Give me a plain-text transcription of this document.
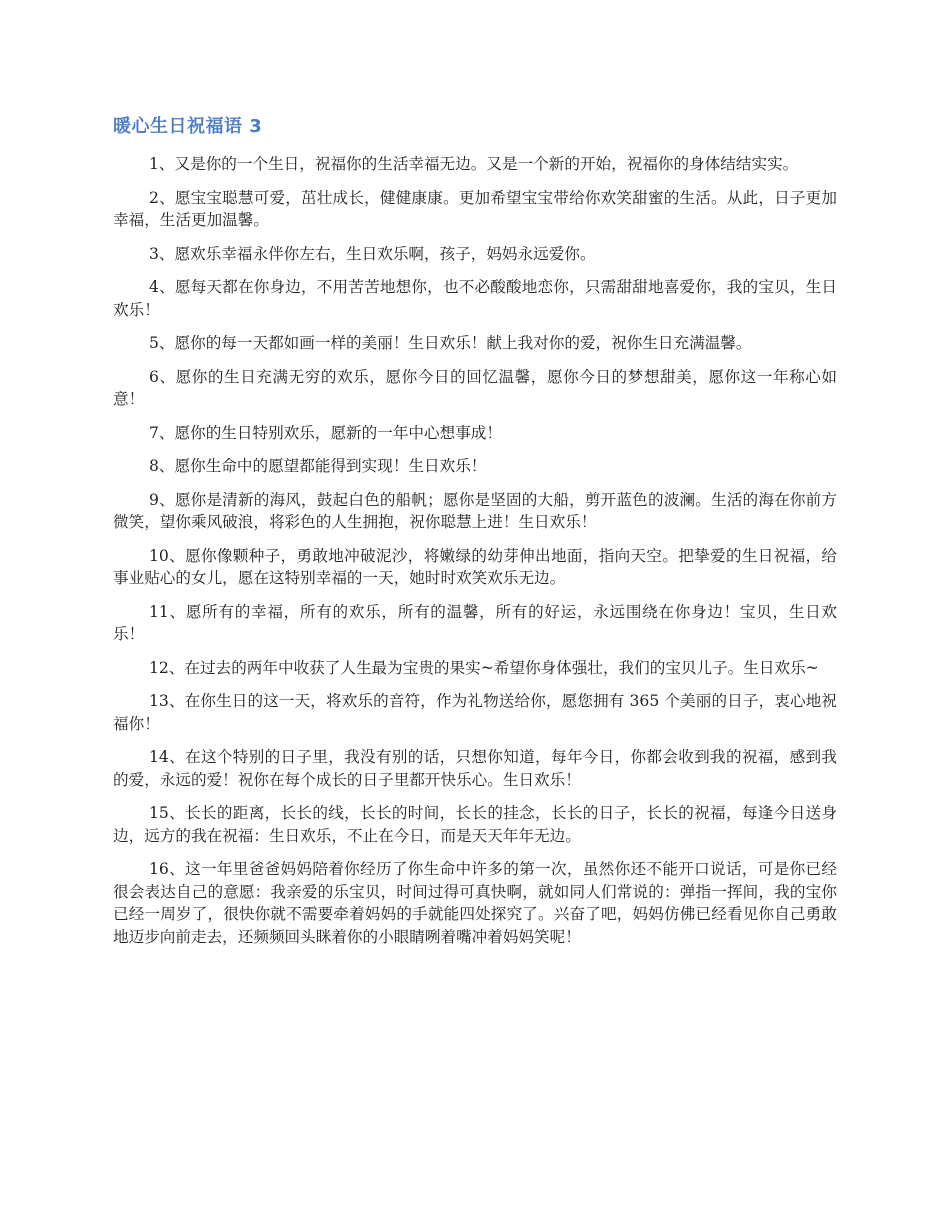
暖心生日祝福语 3

1、又是你的一个生日，祝福你的生活幸福无边。又是一个新的开始，祝福你的身体结结实实。

2、愿宝宝聪慧可爱，茁壮成长，健健康康。更加希望宝宝带给你欢笑甜蜜的生活。从此，日子更加幸福，生活更加温馨。

3、愿欢乐幸福永伴你左右，生日欢乐啊，孩子，妈妈永远爱你。

4、愿每天都在你身边，不用苦苦地想你，也不必酸酸地恋你，只需甜甜地喜爱你，我的宝贝，生日欢乐！

5、愿你的每一天都如画一样的美丽！生日欢乐！献上我对你的爱，祝你生日充满温馨。

6、愿你的生日充满无穷的欢乐，愿你今日的回忆温馨，愿你今日的梦想甜美，愿你这一年称心如意！

7、愿你的生日特别欢乐，愿新的一年中心想事成！

8、愿你生命中的愿望都能得到实现！生日欢乐！

9、愿你是清新的海风，鼓起白色的船帆；愿你是坚固的大船，剪开蓝色的波澜。生活的海在你前方微笑，望你乘风破浪，将彩色的人生拥抱，祝你聪慧上进！生日欢乐！

10、愿你像颗种子，勇敢地冲破泥沙，将嫩绿的幼芽伸出地面，指向天空。把挚爱的生日祝福，给事业贴心的女儿，愿在这特别幸福的一天，她时时欢笑欢乐无边。

11、愿所有的幸福，所有的欢乐，所有的温馨，所有的好运，永远围绕在你身边！宝贝，生日欢乐！

12、在过去的两年中收获了人生最为宝贵的果实~希望你身体强壮，我们的宝贝儿子。生日欢乐~

13、在你生日的这一天，将欢乐的音符，作为礼物送给你，愿您拥有 365 个美丽的日子，衷心地祝福你！

14、在这个特别的日子里，我没有别的话，只想你知道，每年今日，你都会收到我的祝福，感到我的爱，永远的爱！祝你在每个成长的日子里都开快乐心。生日欢乐！

15、长长的距离，长长的线，长长的时间，长长的挂念，长长的日子，长长的祝福，每逢今日送身边，远方的我在祝福：生日欢乐，不止在今日，而是天天年年无边。

16、这一年里爸爸妈妈陪着你经历了你生命中许多的第一次，虽然你还不能开口说话，可是你已经很会表达自己的意愿：我亲爱的乐宝贝，时间过得可真快啊，就如同人们常说的：弹指一挥间，我的宝你已经一周岁了，很快你就不需要牵着妈妈的手就能四处探究了。兴奋了吧，妈妈仿佛已经看见你自己勇敢地迈步向前走去，还频频回头眯着你的小眼睛咧着嘴冲着妈妈笑呢！
